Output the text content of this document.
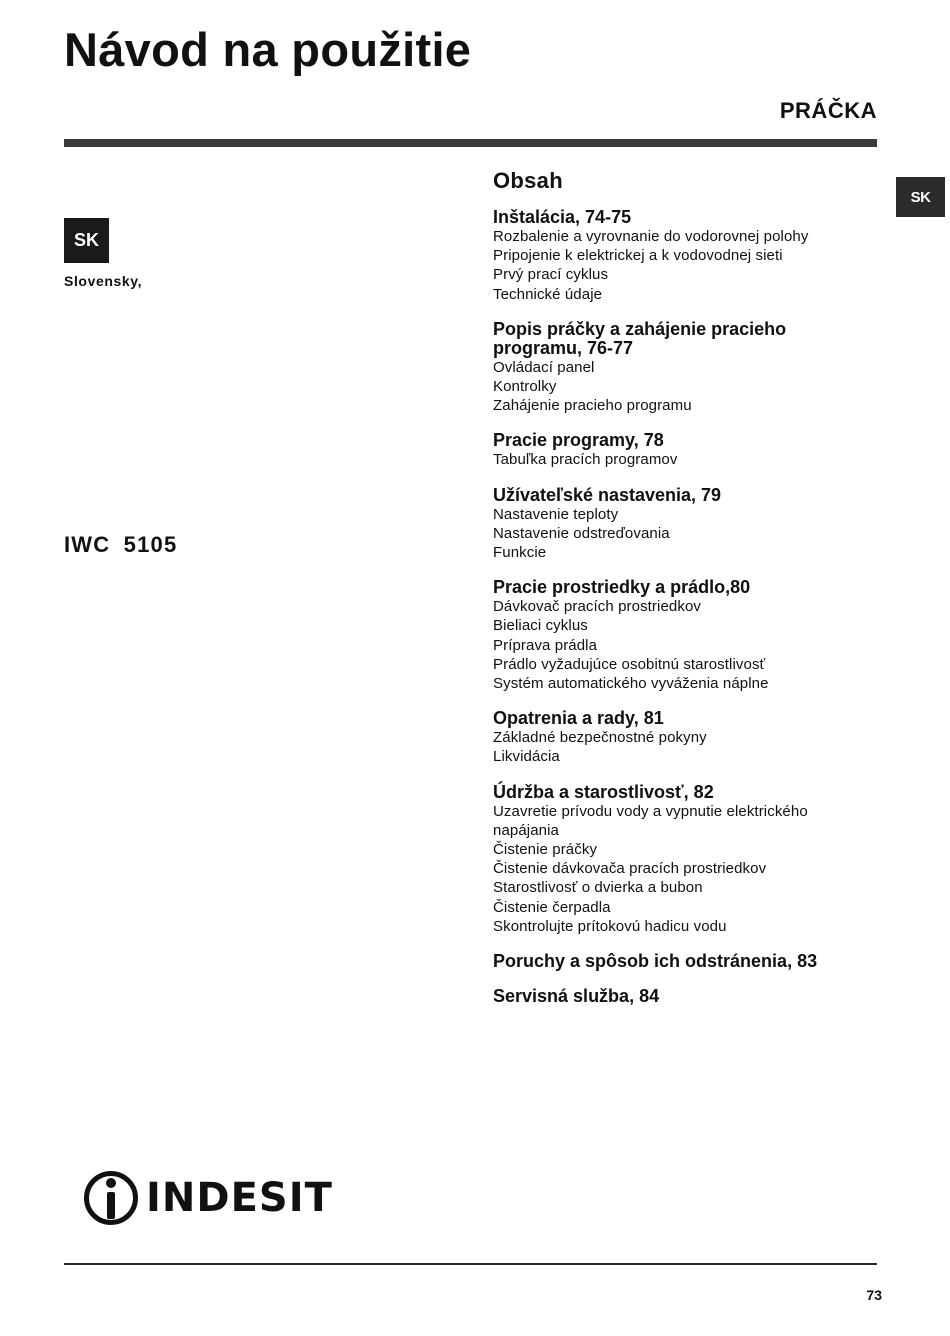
Návod na použitie
PRÁČKA
SK
SK
Slovensky,
IWC 5105
Obsah
Inštalácia, 74-75
Rozbalenie a vyrovnanie do vodorovnej polohy
Pripojenie k elektrickej a k vodovodnej sieti
Prvý prací cyklus
Technické údaje
Popis práčky a zahájenie pracieho programu, 76-77
Ovládací panel
Kontrolky
Zahájenie pracieho programu
Pracie programy, 78
Tabuľka pracích programov
Užívateľské nastavenia, 79
Nastavenie teploty
Nastavenie odstreďovania
Funkcie
Pracie prostriedky a prádlo,80
Dávkovač pracích prostriedkov
Bieliaci cyklus
Príprava prádla
Prádlo vyžadujúce osobitnú starostlivosť
Systém automatického vyváženia náplne
Opatrenia a rady, 81
Základné bezpečnostné pokyny
Likvidácia
Údržba a starostlivosť, 82
Uzavretie prívodu vody a vypnutie elektrického napájania
Čistenie práčky
Čistenie dávkovača pracích prostriedkov
Starostlivosť o dvierka a bubon
Čistenie čerpadla
Skontrolujte prítokovú hadicu vodu
Poruchy a spôsob ich odstránenia, 83
Servisná služba, 84
INDESIT
73
